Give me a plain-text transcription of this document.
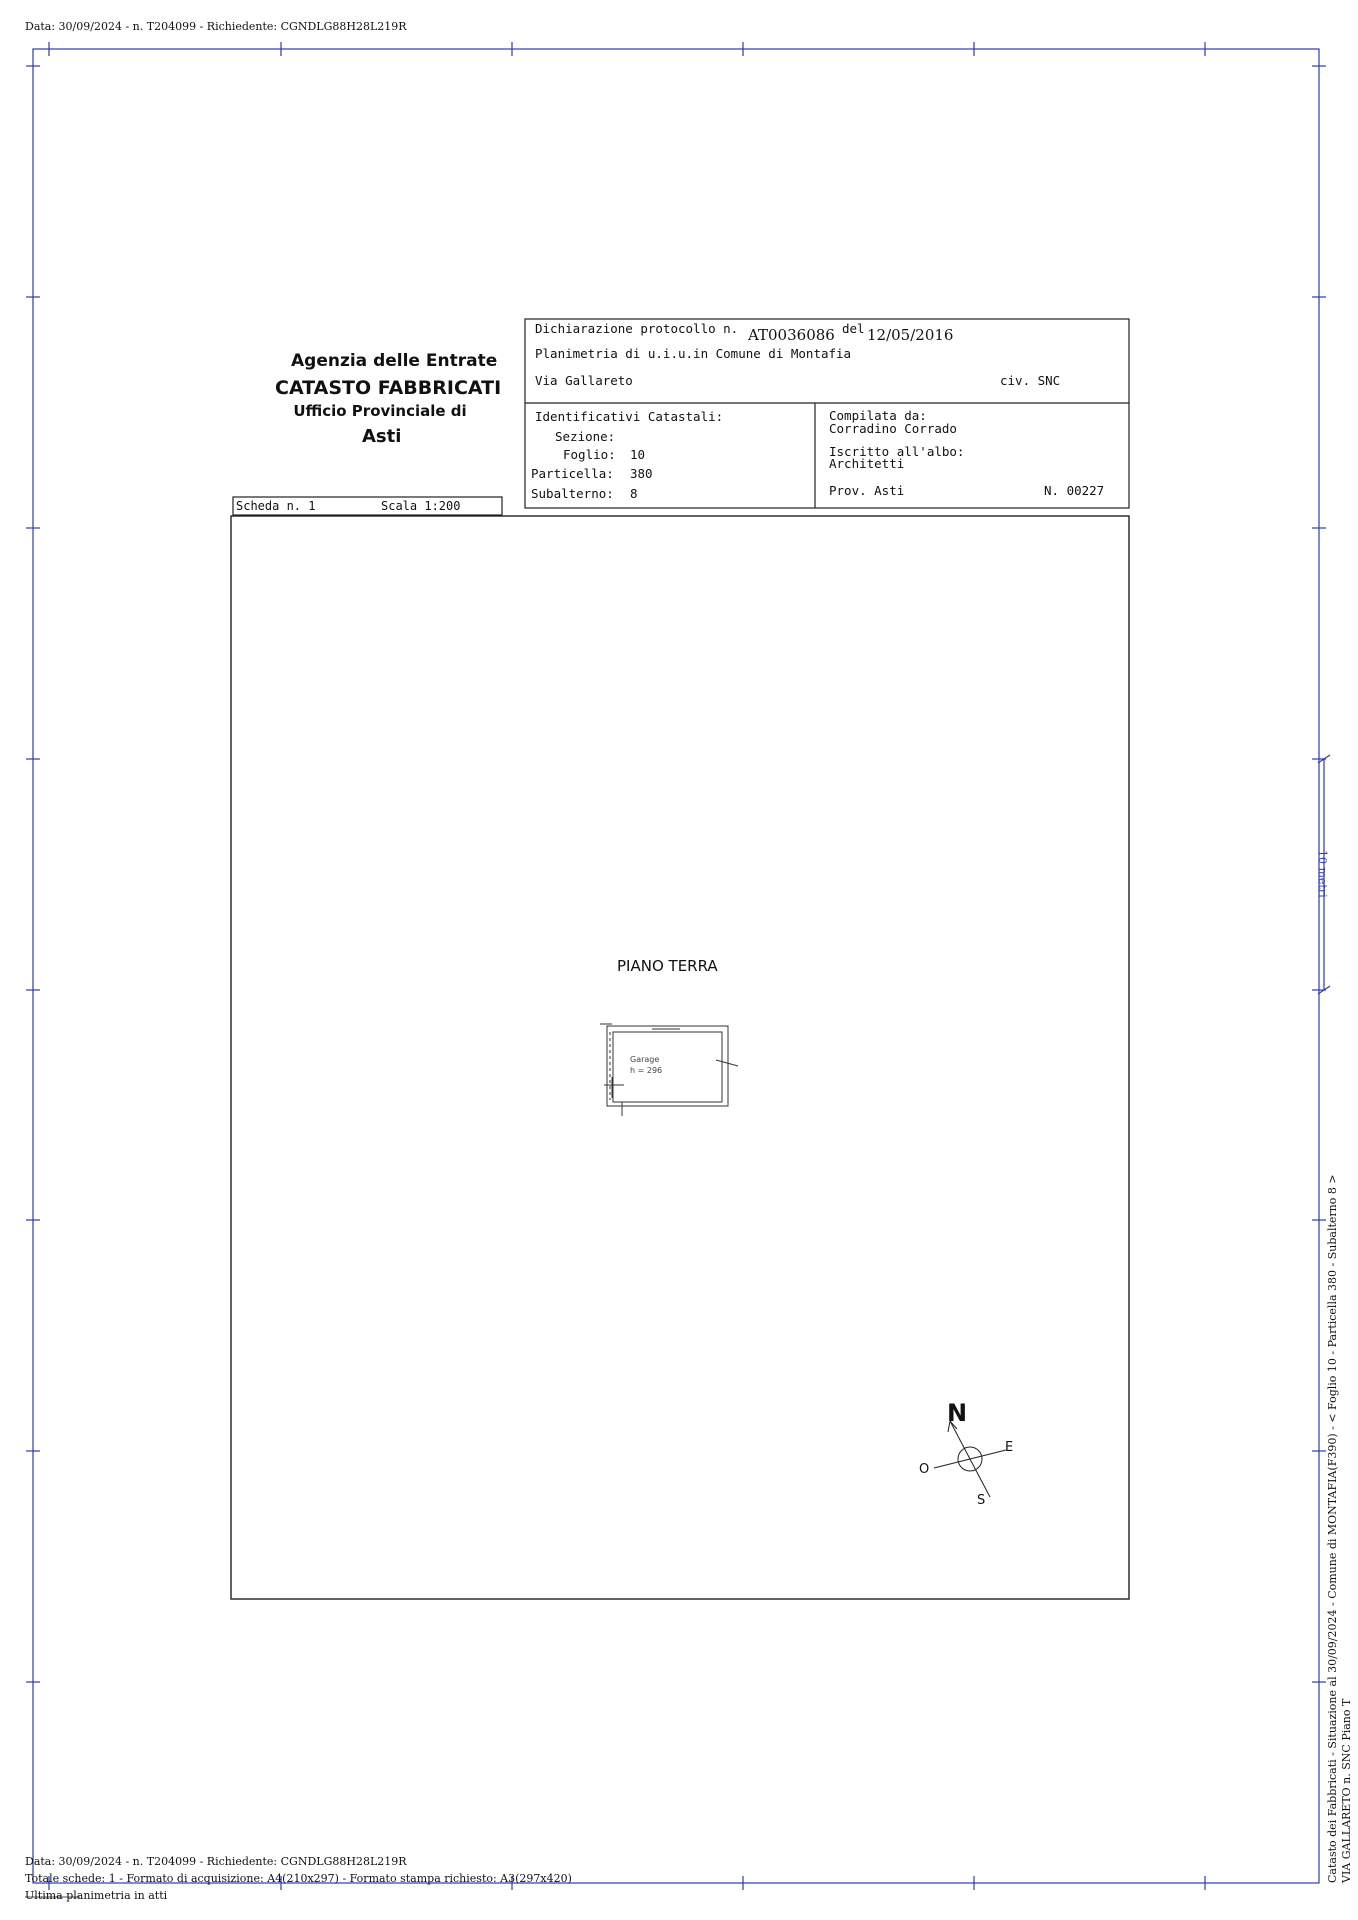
Data: 30/09/2024 - n. T204099 - Richiedente: CGNDLG88H28L219R
Agenzia delle Entrate
CATASTO FABBRICATI
Ufficio Provinciale di
Asti
Scheda n. 1	Scala 1:200
Dichiarazione protocollo n. AT0036086 del 12/05/2016
Planimetria di u.i.u.in Comune di Montafia
Via Gallareto	civ. SNC
Identificativi Catastali:
Sezione:
Foglio: 10
Particella: 380
Subalterno: 8
Compilata da:
Corradino Corrado
Iscritto all'albo:
Architetti
Prov. Asti	N. 00227
PIANO TERRA
Garage
h = 296
N
E
S
O
10 metri
Catasto dei Fabbricati - Situazione al 30/09/2024 - Comune di MONTAFIA(F390) - < Foglio 10 - Particella 380 - Subalterno 8 > VIA GALLARETO n. SNC Piano T
Data: 30/09/2024 - n. T204099 - Richiedente: CGNDLG88H28L219R
Totale schede: 1 - Formato di acquisizione: A4(210x297) - Formato stampa richiesto: A3(297x420)
Ultima planimetria in atti
